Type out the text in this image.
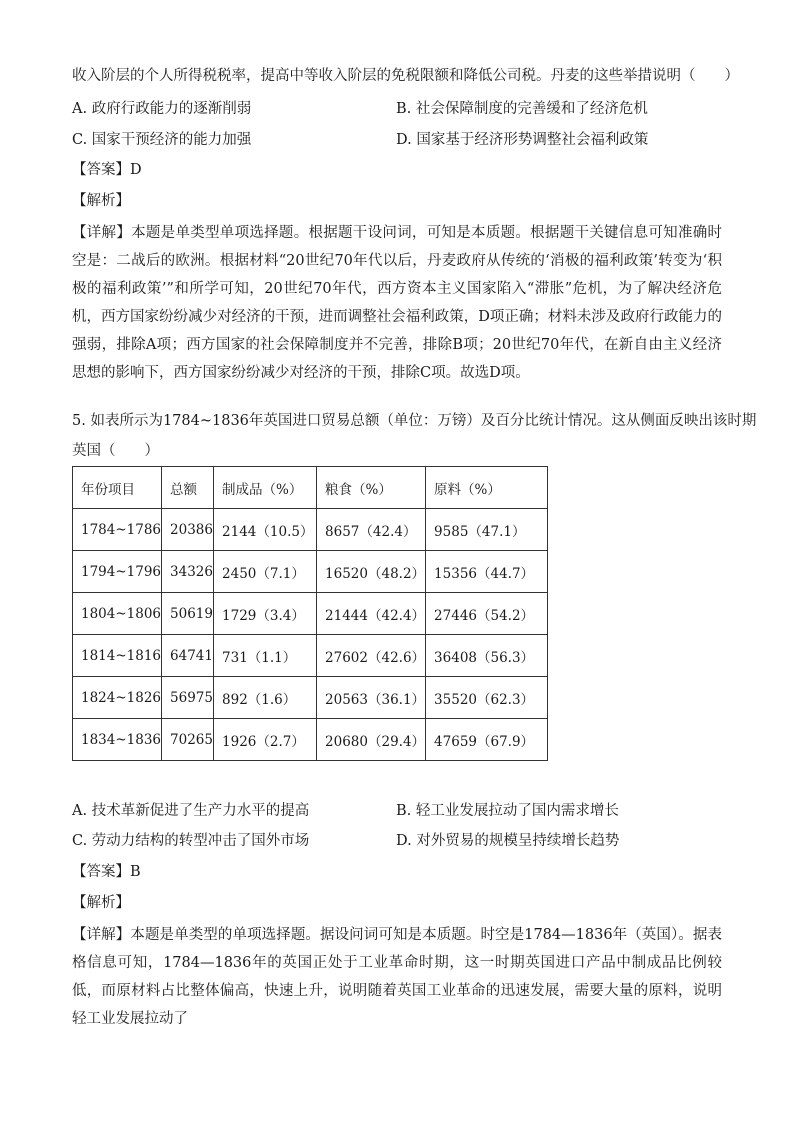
收入阶层的个人所得税税率，提高中等收入阶层的免税限额和降低公司税。丹麦的这些举措说明（　　）
A. 政府行政能力的逐渐削弱	B. 社会保障制度的完善缓和了经济危机
C. 国家干预经济的能力加强	D. 国家基于经济形势调整社会福利政策
【答案】D
【解析】
【详解】本题是单类型单项选择题。根据题干设问词，可知是本质题。根据题干关键信息可知准确时空是：二战后的欧洲。根据材料“20世纪70年代以后，丹麦政府从传统的‘消极的福利政策’转变为‘积极的福利政策’”和所学可知，20世纪70年代，西方资本主义国家陷入“滞胀”危机，为了解决经济危机，西方国家纷纷减少对经济的干预，进而调整社会福利政策，D项正确；材料未涉及政府行政能力的强弱，排除A项；西方国家的社会保障制度并不完善，排除B项；20世纪70年代，在新自由主义经济思想的影响下，西方国家纷纷减少对经济的干预，排除C项。故选D项。
5. 如表所示为1784~1836年英国进口贸易总额（单位：万镑）及百分比统计情况。这从侧面反映出该时期
英国（　　）
年份项目	总额	制成品（%）	粮食（%）	原料（%）
1784~1786	20386	2144（10.5）	8657（42.4）	9585（47.1）
1794~1796	34326	2450（7.1）	16520（48.2）	15356（44.7）
1804~1806	50619	1729（3.4）	21444（42.4）	27446（54.2）
1814~1816	64741	731（1.1）	27602（42.6）	36408（56.3）
1824~1826	56975	892（1.6）	20563（36.1）	35520（62.3）
1834~1836	70265	1926（2.7）	20680（29.4）	47659（67.9）
A. 技术革新促进了生产力水平的提高	B. 轻工业发展拉动了国内需求增长
C. 劳动力结构的转型冲击了国外市场	D. 对外贸易的规模呈持续增长趋势
【答案】B
【解析】
【详解】本题是单类型的单项选择题。据设问词可知是本质题。时空是1784—1836年（英国）。据表格信息可知，1784—1836年的英国正处于工业革命时期，这一时期英国进口产品中制成品比例较低，而原材料占比整体偏高，快速上升，说明随着英国工业革命的迅速发展，需要大量的原料，说明轻工业发展拉动了
